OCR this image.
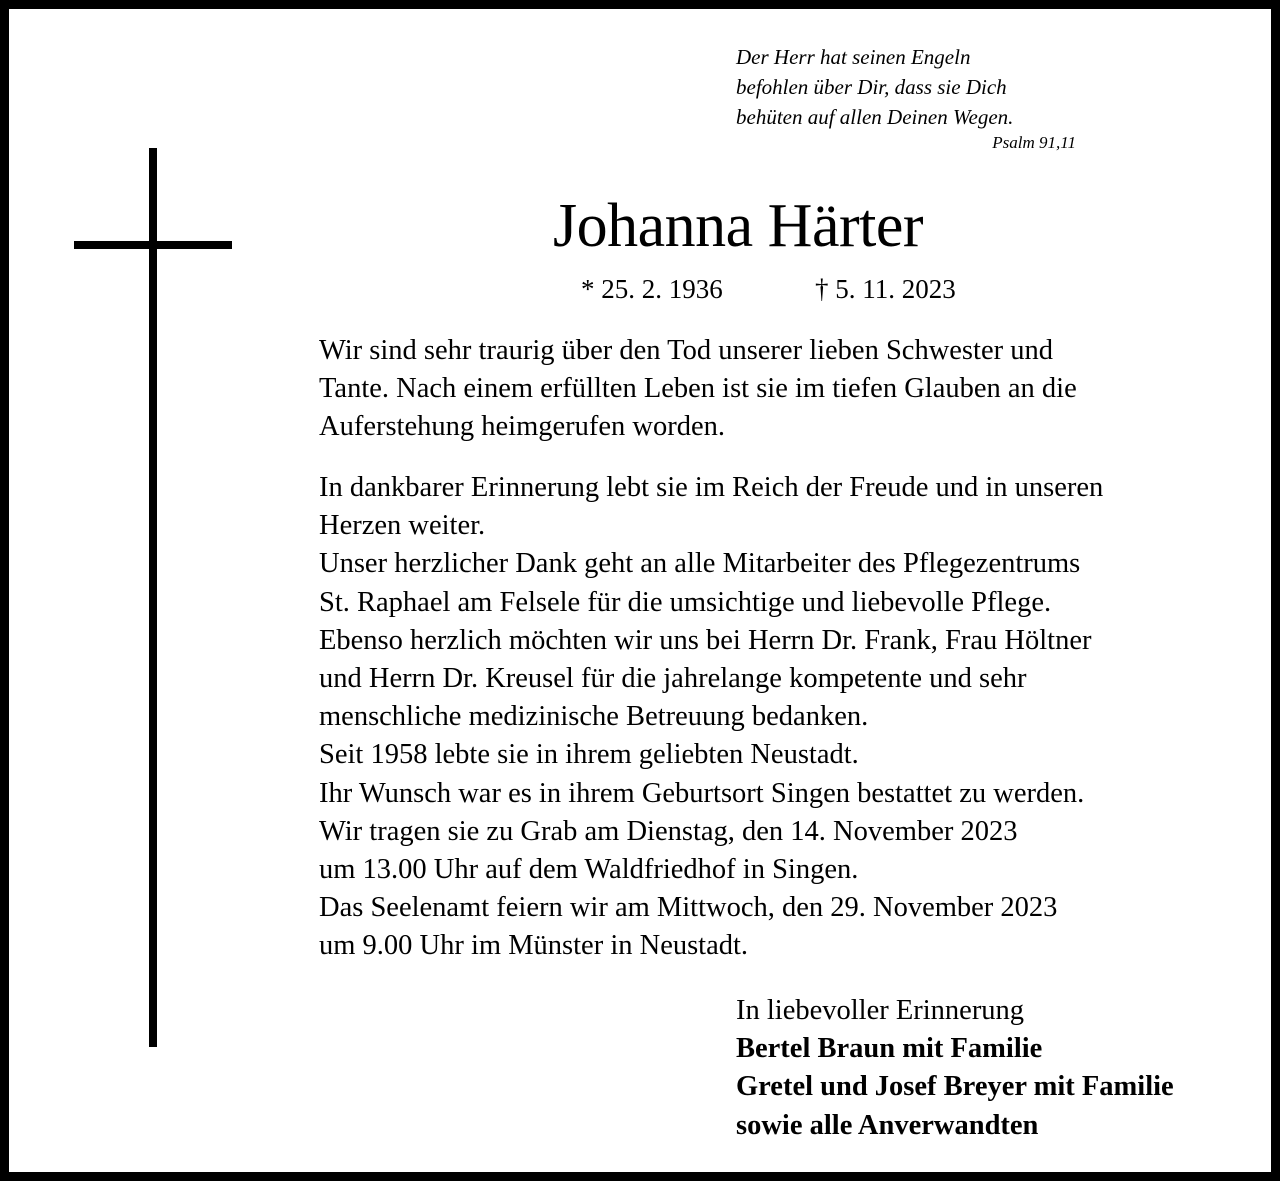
Der Herr hat seinen Engeln
befohlen über Dir, dass sie Dich
behüten auf allen Deinen Wegen.
Psalm 91,11
Johanna Härter
* 25. 2. 1936	† 5. 11. 2023
Wir sind sehr traurig über den Tod unserer lieben Schwester und
Tante. Nach einem erfüllten Leben ist sie im tiefen Glauben an die
Auferstehung heimgerufen worden.
In dankbarer Erinnerung lebt sie im Reich der Freude und in unseren
Herzen weiter.
Unser herzlicher Dank geht an alle Mitarbeiter des Pflegezentrums
St. Raphael am Felsele für die umsichtige und liebevolle Pflege.
Ebenso herzlich möchten wir uns bei Herrn Dr. Frank, Frau Höltner
und Herrn Dr. Kreusel für die jahrelange kompetente und sehr
menschliche medizinische Betreuung bedanken.
Seit 1958 lebte sie in ihrem geliebten Neustadt.
Ihr Wunsch war es in ihrem Geburtsort Singen bestattet zu werden.
Wir tragen sie zu Grab am Dienstag, den 14. November 2023
um 13.00 Uhr auf dem Waldfriedhof in Singen.
Das Seelenamt feiern wir am Mittwoch, den 29. November 2023
um 9.00 Uhr im Münster in Neustadt.
In liebevoller Erinnerung
Bertel Braun mit Familie
Gretel und Josef Breyer mit Familie
sowie alle Anverwandten
